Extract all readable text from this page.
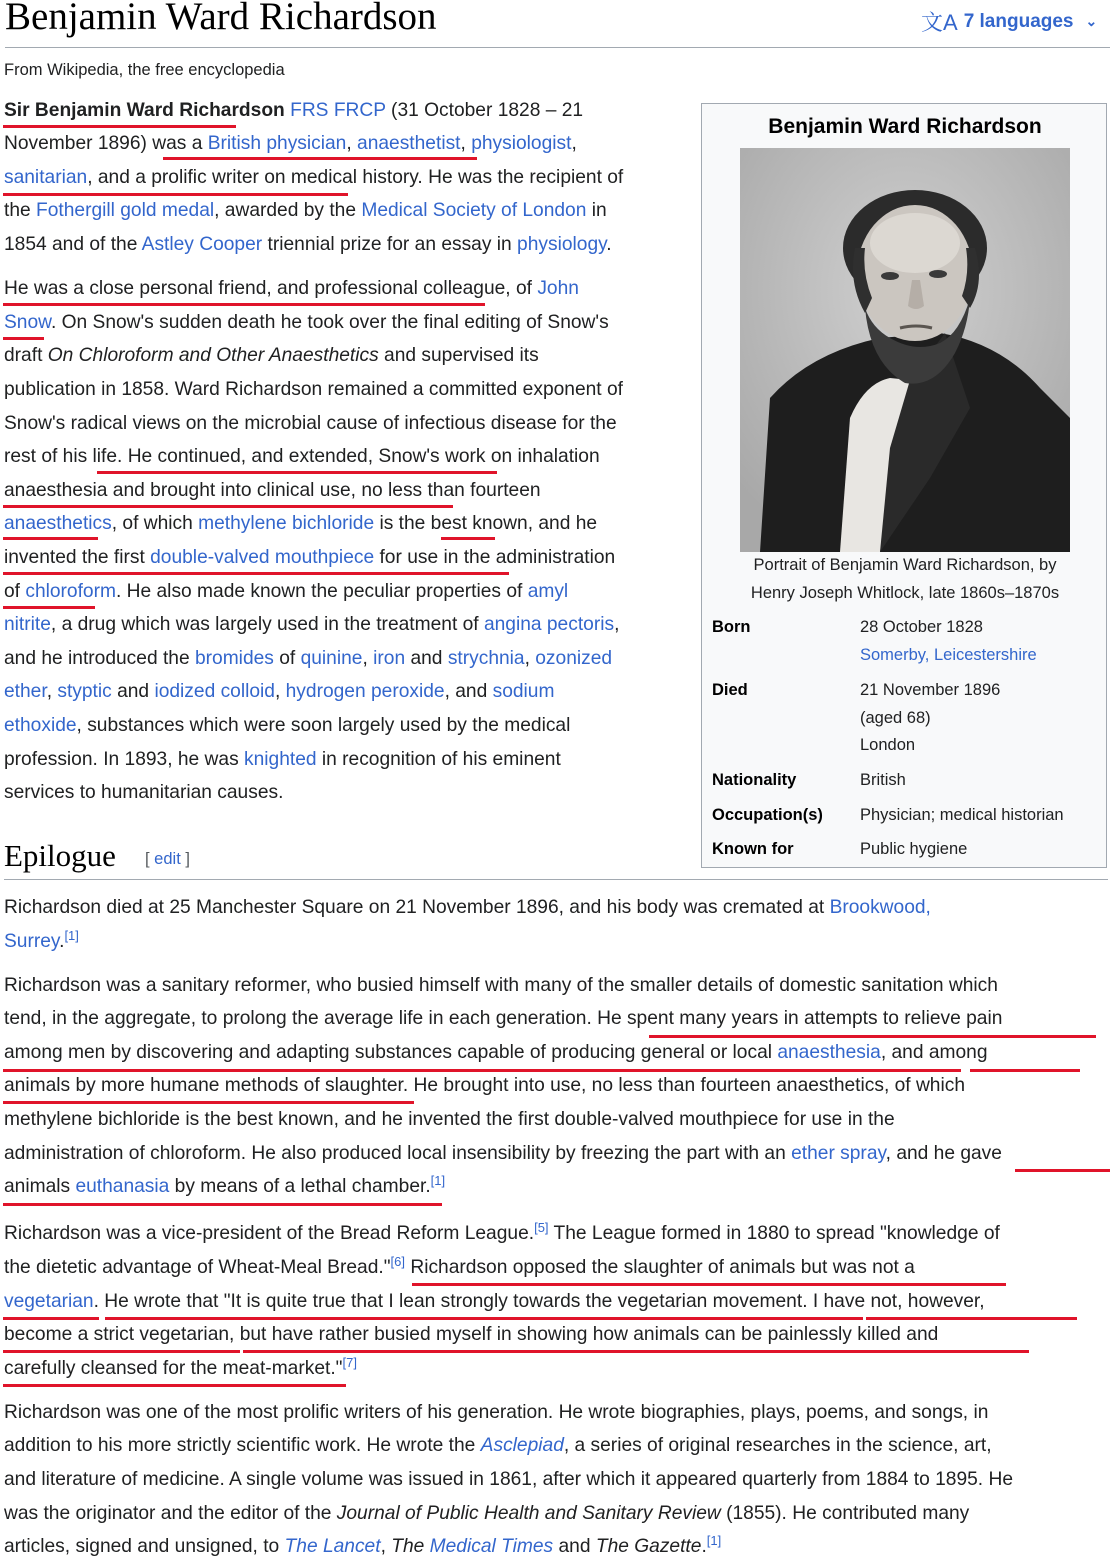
Benjamin Ward Richardson	文A 7 languages ⌄
From Wikipedia, the free encyclopedia
Sir Benjamin Ward Richardson FRS FRCP (31 October 1828 – 21
November 1896) was a British physician, anaesthetist, physiologist,
sanitarian, and a prolific writer on medical history. He was the recipient of
the Fothergill gold medal, awarded by the Medical Society of London in
1854 and of the Astley Cooper triennial prize for an essay in physiology.
He was a close personal friend, and professional colleague, of John
Snow. On Snow's sudden death he took over the final editing of Snow's
draft On Chloroform and Other Anaesthetics and supervised its
publication in 1858. Ward Richardson remained a committed exponent of
Snow's radical views on the microbial cause of infectious disease for the
rest of his life. He continued, and extended, Snow's work on inhalation
anaesthesia and brought into clinical use, no less than fourteen
anaesthetics, of which methylene bichloride is the best known, and he
invented the first double-valved mouthpiece for use in the administration
of chloroform. He also made known the peculiar properties of amyl
nitrite, a drug which was largely used in the treatment of angina pectoris,
and he introduced the bromides of quinine, iron and strychnia, ozonized
ether, styptic and iodized colloid, hydrogen peroxide, and sodium
ethoxide, substances which were soon largely used by the medical
profession. In 1893, he was knighted in recognition of his eminent
services to humanitarian causes.
Benjamin Ward Richardson
Portrait of Benjamin Ward Richardson, by
Henry Joseph Whitlock, late 1860s–1870s
Born	28 October 1828
Somerby, Leicestershire
Died	21 November 1896
(aged 68)
London
Nationality	British
Occupation(s) Physician; medical historian
Known for	Public hygiene
Epilogue [ edit ]
Richardson died at 25 Manchester Square on 21 November 1896, and his body was cremated at Brookwood,
Surrey.[1]
Richardson was a sanitary reformer, who busied himself with many of the smaller details of domestic sanitation which
tend, in the aggregate, to prolong the average life in each generation. He spent many years in attempts to relieve pain
among men by discovering and adapting substances capable of producing general or local anaesthesia, and among
animals by more humane methods of slaughter. He brought into use, no less than fourteen anaesthetics, of which
methylene bichloride is the best known, and he invented the first double-valved mouthpiece for use in the
administration of chloroform. He also produced local insensibility by freezing the part with an ether spray, and he gave
animals euthanasia by means of a lethal chamber.[1]
Richardson was a vice-president of the Bread Reform League.[5] The League formed in 1880 to spread "knowledge of
the dietetic advantage of Wheat-Meal Bread."[6] Richardson opposed the slaughter of animals but was not a
vegetarian. He wrote that "It is quite true that I lean strongly towards the vegetarian movement. I have not, however,
become a strict vegetarian, but have rather busied myself in showing how animals can be painlessly killed and
carefully cleansed for the meat-market."[7]
Richardson was one of the most prolific writers of his generation. He wrote biographies, plays, poems, and songs, in
addition to his more strictly scientific work. He wrote the Asclepiad, a series of original researches in the science, art,
and literature of medicine. A single volume was issued in 1861, after which it appeared quarterly from 1884 to 1895. He
was the originator and the editor of the Journal of Public Health and Sanitary Review (1855). He contributed many
articles, signed and unsigned, to The Lancet, The Medical Times and The Gazette.[1]
